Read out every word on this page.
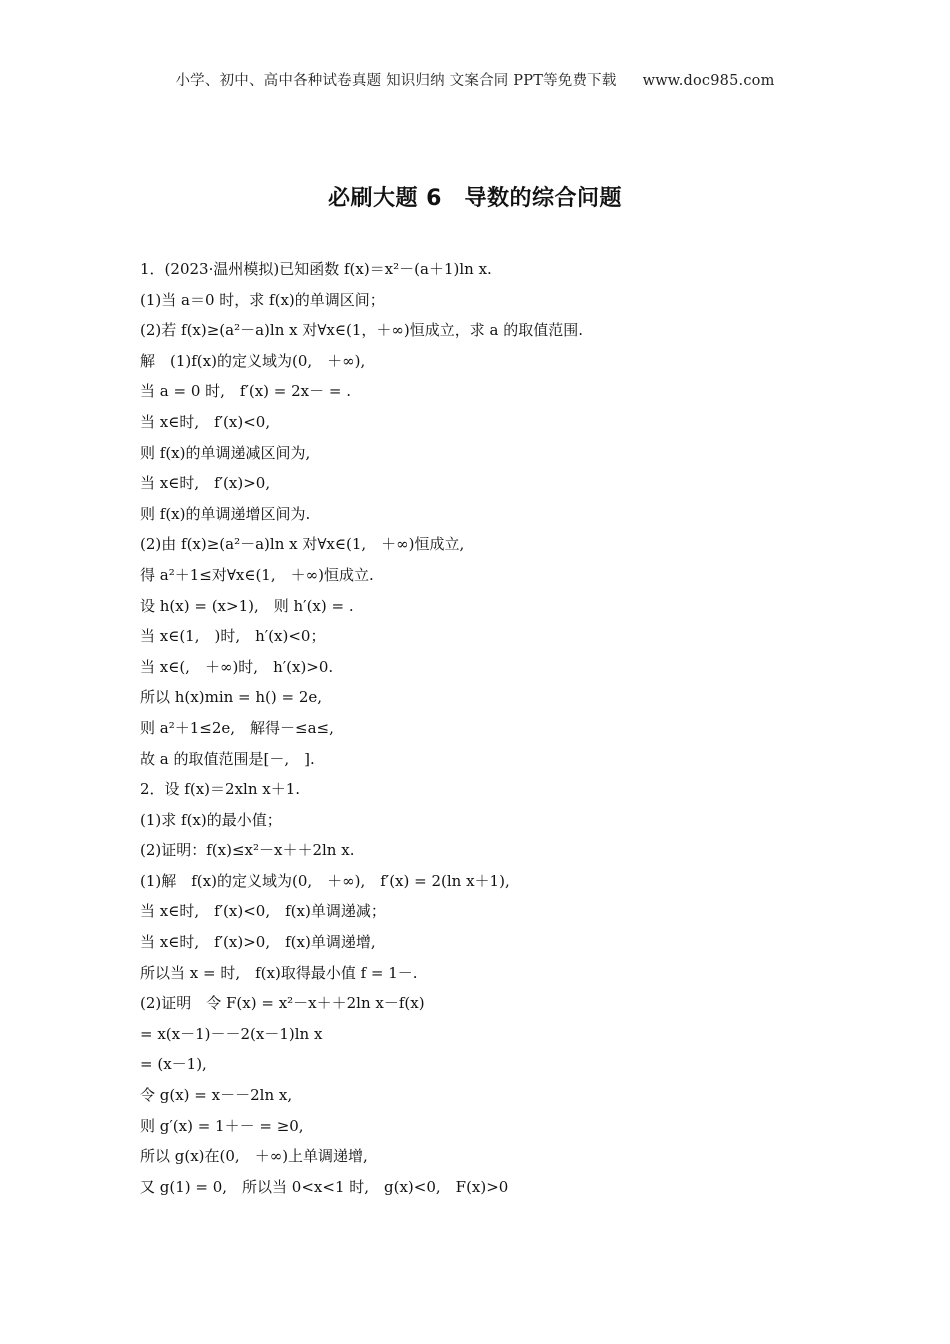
小学、初中、高中各种试卷真题 知识归纳 文案合同 PPT等免费下载 www.doc985.com
必刷大题 6　导数的综合问题
1．(2023·温州模拟)已知函数 f(x)＝x²－(a＋1)ln x.
(1)当 a＝0 时，求 f(x)的单调区间；
(2)若 f(x)≥(a²－a)ln x 对∀x∈(1，＋∞)恒成立，求 a 的取值范围.
解　(1)f(x)的定义域为(0,　＋∞),
当 a = 0 时,　f′(x) = 2x－ = .
当 x∈时,　f′(x)<0,
则 f(x)的单调递减区间为,
当 x∈时,　f′(x)>0,
则 f(x)的单调递增区间为.
(2)由 f(x)≥(a²－a)ln x 对∀x∈(1,　＋∞)恒成立,
得 a²＋1≤对∀x∈(1,　＋∞)恒成立.
设 h(x) = (x>1),　则 h′(x) = .
当 x∈(1,　)时,　h′(x)<0；
当 x∈(,　＋∞)时,　h′(x)>0.
所以 h(x)min = h() = 2e,
则 a²＋1≤2e,　解得－≤a≤,
故 a 的取值范围是[－,　].
2．设 f(x)＝2xln x＋1.
(1)求 f(x)的最小值；
(2)证明：f(x)≤x²－x＋＋2ln x.
(1)解　f(x)的定义域为(0,　＋∞),　f′(x) = 2(ln x＋1),
当 x∈时,　f′(x)<0,　f(x)单调递减；
当 x∈时,　f′(x)>0,　f(x)单调递增,
所以当 x = 时,　f(x)取得最小值 f = 1－.
(2)证明　令 F(x) = x²－x＋＋2ln x－f(x)
= x(x－1)－－2(x－1)ln x
= (x－1),
令 g(x) = x－－2ln x,
则 g′(x) = 1＋－ = ≥0,
所以 g(x)在(0,　＋∞)上单调递增,
又 g(1) = 0,　所以当 0<x<1 时,　g(x)<0,　F(x)>0
